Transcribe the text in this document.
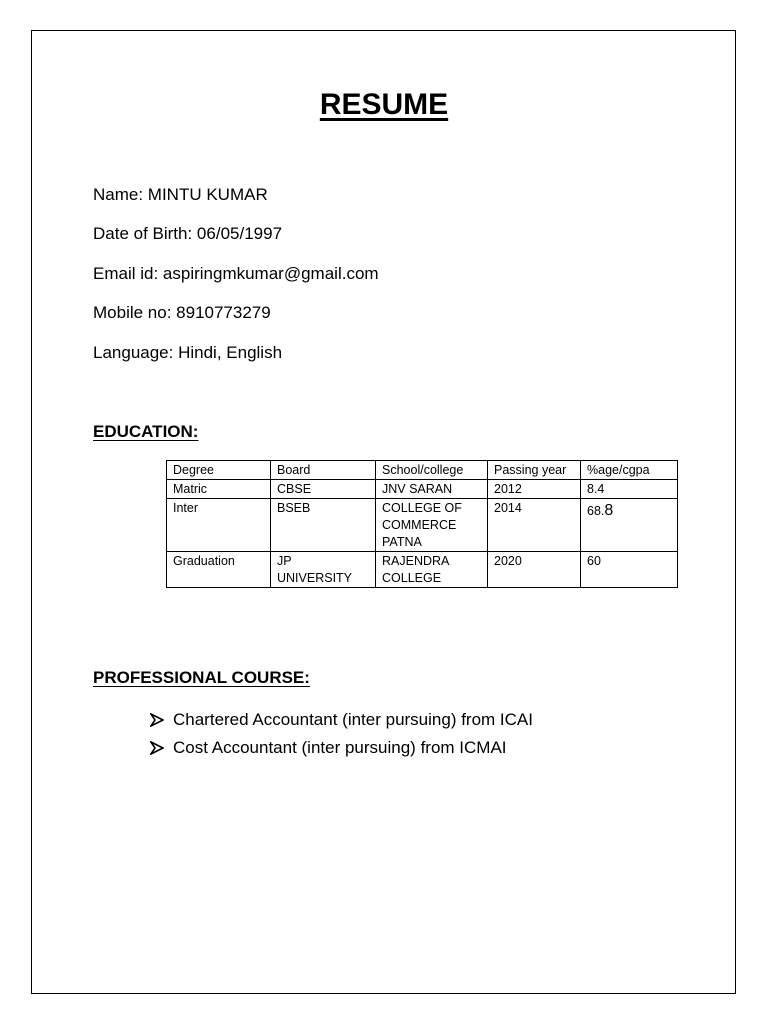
RESUME
Name: MINTU KUMAR
Date of Birth: 06/05/1997
Email id: aspiringmkumar@gmail.com
Mobile no: 8910773279
Language: Hindi, English
EDUCATION:
Degree	Board	School/college	Passing year	%age/cgpa
Matric	CBSE	JNV SARAN	2012	8.4
Inter	BSEB	COLLEGE OF COMMERCE PATNA	2014	68.8
Graduation	JP UNIVERSITY	RAJENDRA COLLEGE	2020	60
PROFESSIONAL COURSE:
Chartered Accountant (inter pursuing) from ICAI
Cost Accountant (inter pursuing) from ICMAI
